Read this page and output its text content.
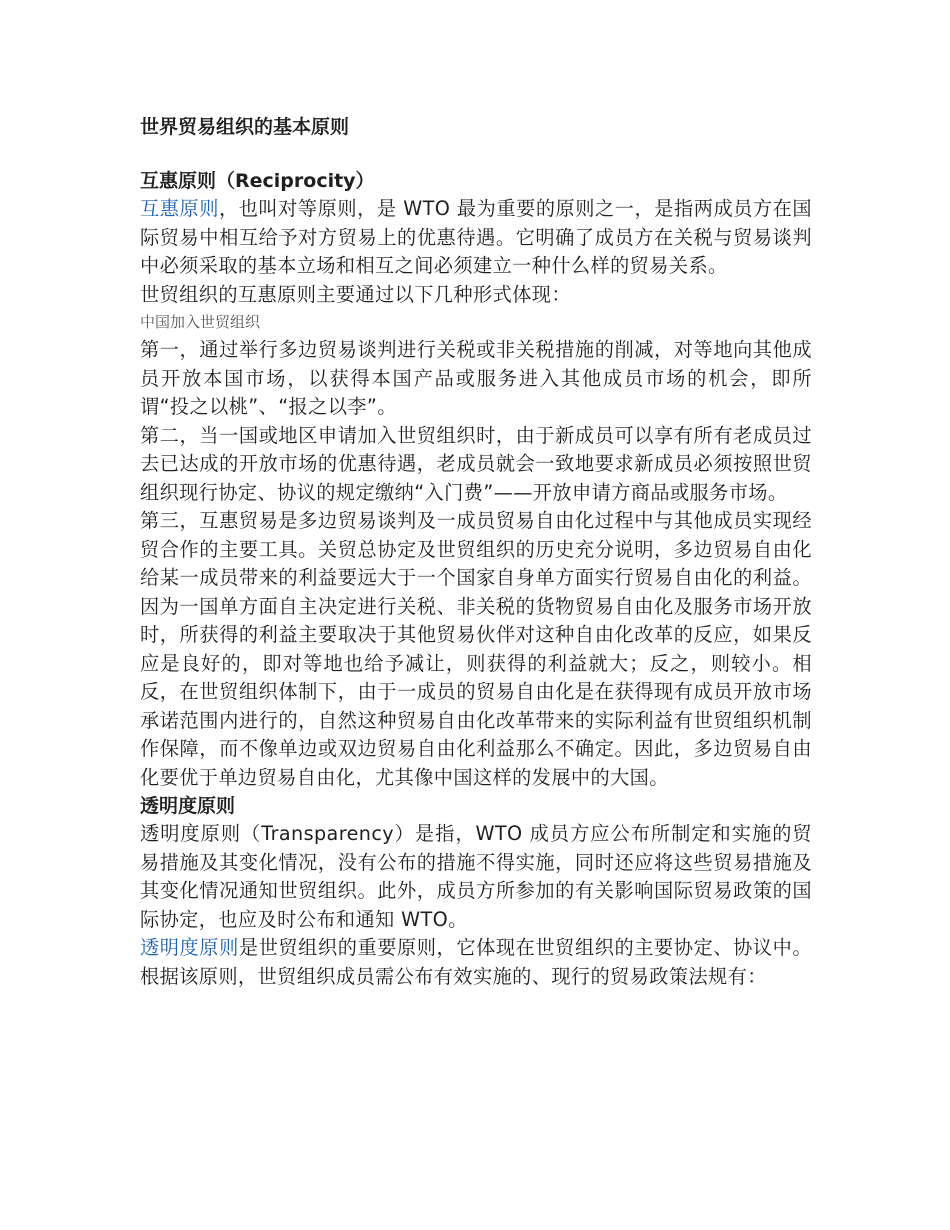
世界贸易组织的基本原则
互惠原则（Reciprocity）

互惠原则，也叫对等原则，是 WTO 最为重要的原则之一，是指两成员方在国际贸易中相互给予对方贸易上的优惠待遇。它明确了成员方在关税与贸易谈判中必须采取的基本立场和相互之间必须建立一种什么样的贸易关系。

世贸组织的互惠原则主要通过以下几种形式体现：

中国加入世贸组织

第一，通过举行多边贸易谈判进行关税或非关税措施的削减，对等地向其他成员开放本国市场，以获得本国产品或服务进入其他成员市场的机会，即所谓“投之以桃”、“报之以李”。

第二，当一国或地区申请加入世贸组织时，由于新成员可以享有所有老成员过去已达成的开放市场的优惠待遇，老成员就会一致地要求新成员必须按照世贸组织现行协定、协议的规定缴纳“入门费”——开放申请方商品或服务市场。

第三，互惠贸易是多边贸易谈判及一成员贸易自由化过程中与其他成员实现经贸合作的主要工具。关贸总协定及世贸组织的历史充分说明，多边贸易自由化给某一成员带来的利益要远大于一个国家自身单方面实行贸易自由化的利益。因为一国单方面自主决定进行关税、非关税的货物贸易自由化及服务市场开放时，所获得的利益主要取决于其他贸易伙伴对这种自由化改革的反应，如果反应是良好的，即对等地也给予减让，则获得的利益就大；反之，则较小。相反，在世贸组织体制下，由于一成员的贸易自由化是在获得现有成员开放市场承诺范围内进行的，自然这种贸易自由化改革带来的实际利益有世贸组织机制作保障，而不像单边或双边贸易自由化利益那么不确定。因此，多边贸易自由化要优于单边贸易自由化，尤其像中国这样的发展中的大国。

透明度原则

透明度原则（Transparency）是指，WTO 成员方应公布所制定和实施的贸易措施及其变化情况，没有公布的措施不得实施，同时还应将这些贸易措施及其变化情况通知世贸组织。此外，成员方所参加的有关影响国际贸易政策的国际协定，也应及时公布和通知 WTO。

透明度原则是世贸组织的重要原则，它体现在世贸组织的主要协定、协议中。根据该原则，世贸组织成员需公布有效实施的、现行的贸易政策法规有：
